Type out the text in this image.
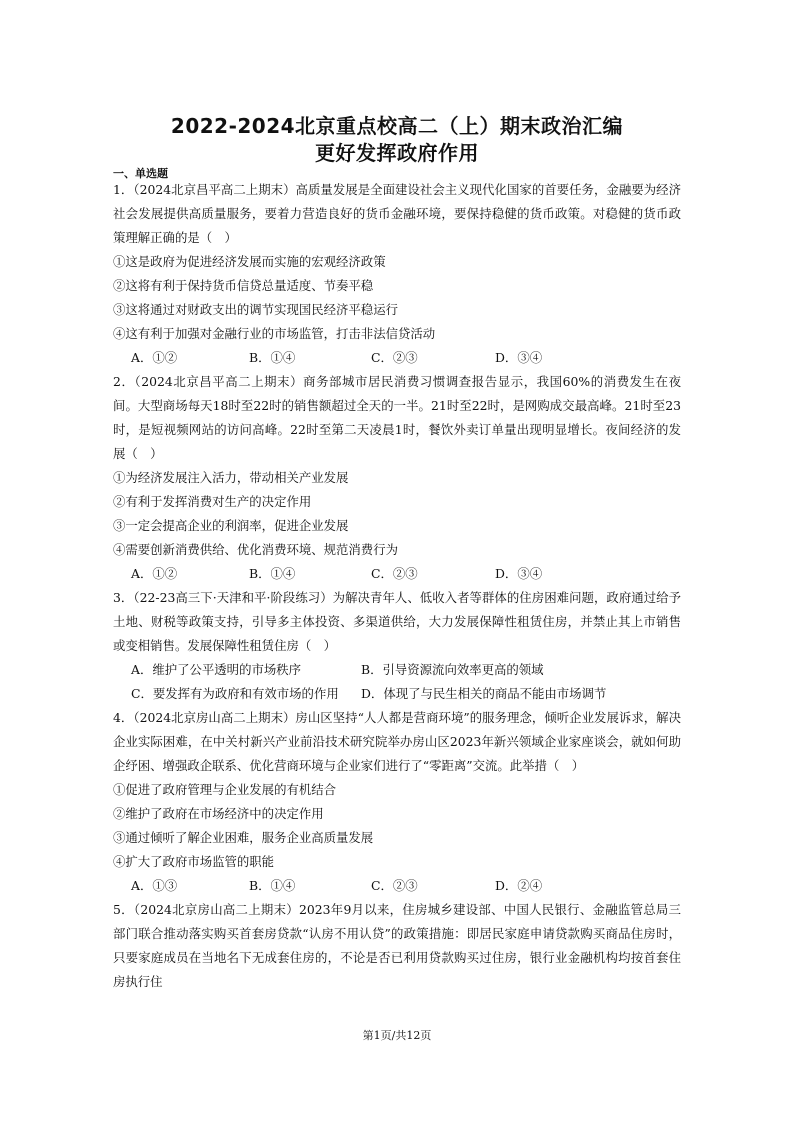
2022-2024北京重点校高二（上）期末政治汇编
更好发挥政府作用
一、单选题

1．（2024北京昌平高二上期末）高质量发展是全面建设社会主义现代化国家的首要任务，金融要为经济社会发展提供高质量服务，要着力营造良好的货币金融环境，要保持稳健的货币政策。对稳健的货币政策理解正确的是（　）

①这是政府为促进经济发展而实施的宏观经济政策

②这将有利于保持货币信贷总量适度、节奏平稳

③这将通过对财政支出的调节实现国民经济平稳运行

④这有利于加强对金融行业的市场监管，打击非法信贷活动

A．①②	B．①④	C．②③	D．③④

2．（2024北京昌平高二上期末）商务部城市居民消费习惯调查报告显示，我国60%的消费发生在夜间。大型商场每天18时至22时的销售额超过全天的一半。21时至22时，是网购成交最高峰。21时至23时，是短视频网站的访问高峰。22时至第二天凌晨1时，餐饮外卖订单量出现明显增长。夜间经济的发展（　）

①为经济发展注入活力，带动相关产业发展

②有利于发挥消费对生产的决定作用

③一定会提高企业的利润率，促进企业发展

④需要创新消费供给、优化消费环境、规范消费行为

A．①②	B．①④	C．②③	D．③④

3．（22-23高三下·天津和平·阶段练习）为解决青年人、低收入者等群体的住房困难问题，政府通过给予土地、财税等政策支持，引导多主体投资、多渠道供给，大力发展保障性租赁住房，并禁止其上市销售或变相销售。发展保障性租赁住房（　）

A．维护了公平透明的市场秩序	B．引导资源流向效率更高的领域
C．要发挥有为政府和有效市场的作用	D．体现了与民生相关的商品不能由市场调节

4．（2024北京房山高二上期末）房山区坚持“人人都是营商环境”的服务理念，倾听企业发展诉求，解决企业实际困难，在中关村新兴产业前沿技术研究院举办房山区2023年新兴领域企业家座谈会，就如何助企纾困、增强政企联系、优化营商环境与企业家们进行了“零距离”交流。此举措（　）

①促进了政府管理与企业发展的有机结合

②维护了政府在市场经济中的决定作用

③通过倾听了解企业困难，服务企业高质量发展

④扩大了政府市场监管的职能

A．①③	B．①④	C．②③	D．②④

5．（2024北京房山高二上期末）2023年9月以来，住房城乡建设部、中国人民银行、金融监管总局三部门联合推动落实购买首套房贷款“认房不用认贷”的政策措施：即居民家庭申请贷款购买商品住房时，只要家庭成员在当地名下无成套住房的，不论是否已利用贷款购买过住房，银行业金融机构均按首套住房执行住

第1页/共12页
